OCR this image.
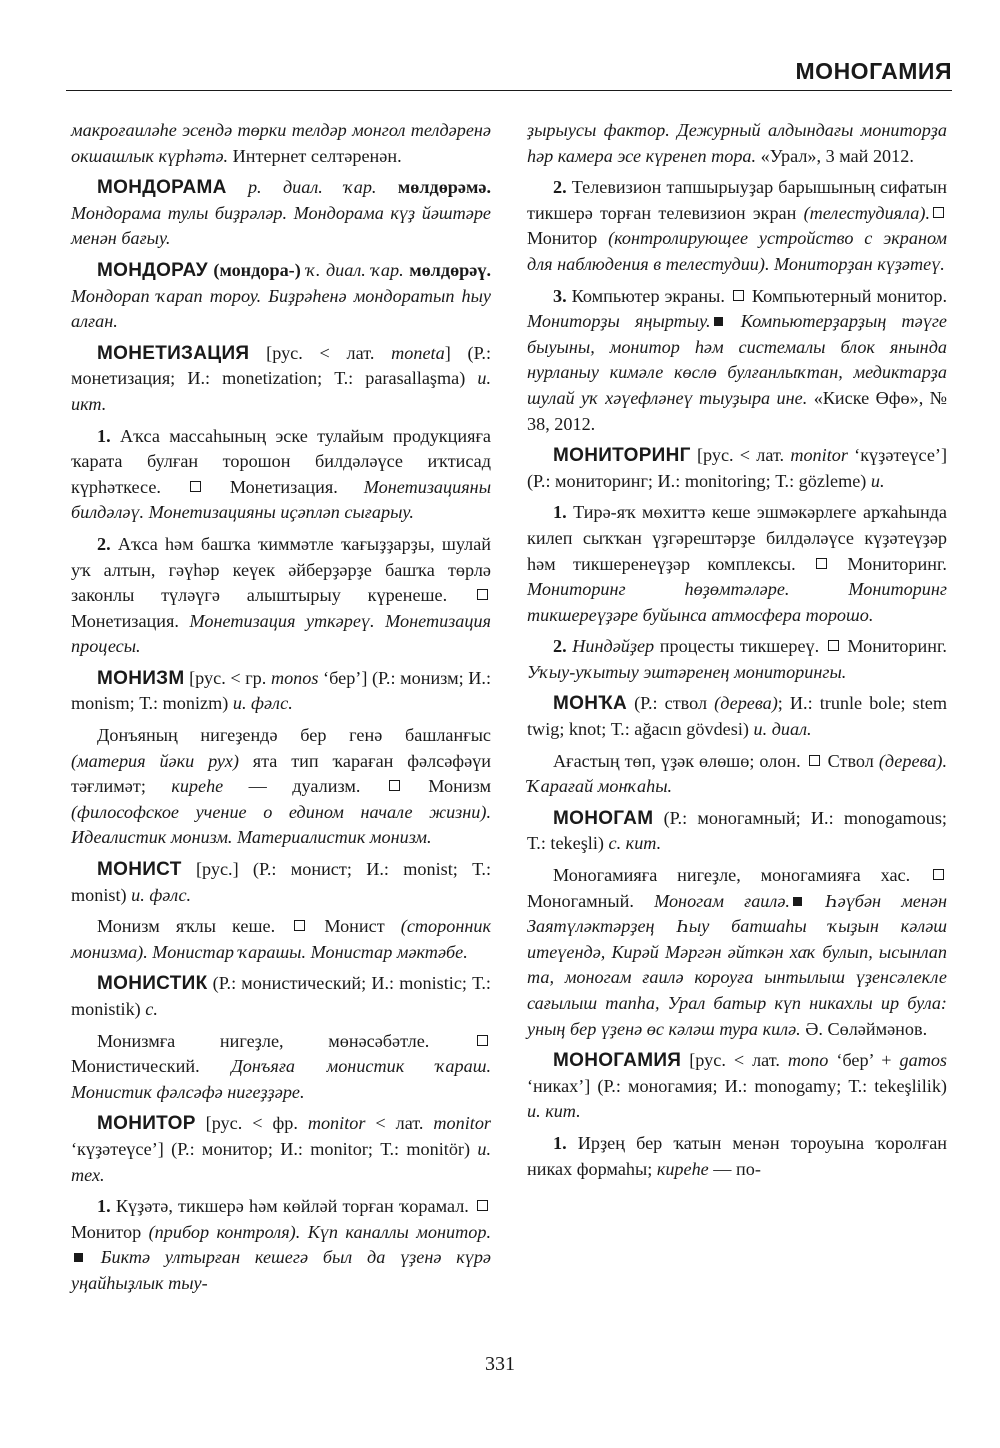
МОНОГАМИЯ

макроғаиләһе эсендә төрки телдәр монгол телдәренә окшашлык күрһәтә. Интернет селтәренән.

МОНДОРАМА р. диал. ҡар. мөлдөрәмә. Мондорама тулы биҙрәләр. Мондорама күҙ йәштәре менән бағыу.

МОНДОРАУ (мондора-) ҡ. диал. ҡар. мөлдөрәү. Мондорап ҡарап тороу. Биҙрәһенә мондоратып һыу алған.

МОНЕТИЗАЦИЯ [рус. < лат. moneta] (Р.: монетизация; И.: monetization; Т.: parasallaşma) и. икт.

1. Аҡса массаһының эске тулайым продукцияға ҡарата булған торошон билдәләүсе иҡтисад күрһәткесе.  Монетизация. Монетизацияны билдәләү. Монетизацияны иҫәпләп сығарыу.

2. Аҡса һәм башҡа ҡиммәтле ҡағыҙҙарҙы, шулай уҡ алтын, гәүһәр кеүек әйберҙәрҙе башҡа төрлә законлы түләүгә алыштырыу күренеше.  Монетизация. Монетизация уткәреү. Монетизация процесы.

МОНИЗМ [рус. < гр. monos ‘бер’] (Р.: монизм; И.: monism; Т.: monizm) и. фәлс.

Донъяның нигеҙендә бер генә башланғыс (материя йәки рух) ята тип ҡараған фәлсәфәүи тәғлимәт; киреһе — дуализм.  Монизм (философское учение о едином начале жизни). Идеалистик монизм. Материалистик монизм.

МОНИСТ [рус.] (Р.: монист; И.: monist; Т.: monist) и. фәлс.

Монизм яҡлы кеше.  Монист (сторонник монизма). Монистар ҡарашы. Монистар мәктәбе.

МОНИСТИК (Р.: монистический; И.: monistic; Т.: monistik) с.

Монизмға нигеҙле, мөнәсәбәтле.  Монистический. Донъяға монистик ҡараш. Монистик фәлсәфә нигеҙҙәре.

МОНИТОР [рус. < фр. monitor < лат. monitor ‘күҙәтеүсе’] (Р.: монитор; И.: monitor; Т.: monitör) и. тех.

1. Күҙәтә, тикшерә һәм көйләй торған ҡорамал.  Монитор (прибор контроля). Күп каналлы монитор. Биктә ултырған кешегә был да үҙенә күрә уңайһыҙлык тыу-

ҙырыусы фактор. Дежурный алдындағы мониторҙа һәр камера эсе күренеп тора. «Урал», 3 май 2012.

2. Телевизион тапшырыуҙар барышының сифатын тикшерә торған телевизион экран (телестудияла). Монитор (контролирующее устройство с экраном для наблюдения в телестудии). Мониторҙан күҙәтеү.

3. Компьютер экраны.  Компьютерный монитор. Мониторҙы яңыртыу. Компьютерҙарҙың тәүге быуыны, монитор һәм системалы блок янында нурланыу кимәле көслө булғанлыҡтан, медиктарҙа шулай уҡ хәүефләнеү тыуҙыра ине. «Киске Өфө», № 38, 2012.

МОНИТОРИНГ [рус. < лат. monitor ‘күҙәтеүсе’] (Р.: мониторинг; И.: monitoring; Т.: gözleme) и.

1. Тирә-яҡ мөхиттә кеше эшмәкәрлеге арҡаһында килеп сыҡҡан үҙгәрештәрҙе билдәләүсе күҙәтеүҙәр һәм тикшеренеүҙәр комплексы.  Мониторинг. Мониторинг һөҙөмтәләре. Мониторинг тикшереүҙәре буйынса атмосфера торошо.

2. Ниндәйҙер процесты тикшереү.  Мониторинг. Уҡыу-уҡытыу эштәренең мониторингы.

МОНҠА (Р.: ствол (дерева); И.: trunle bole; stem twig; knot; Т.: ağacın gövdesi) и. диал.

Ағастың төп, үҙәк өлөшө; олон.  Ствол (дерева). Ҡарағай монҡаһы.

МОНОГАМ (Р.: моногамный; И.: monogamous; Т.: tekeşli) с. кит.

Моногамияға нигеҙле, моногамияға хас.  Моногамный. Моногам ғаилә. Һәүбән менән Заятүләктәрҙең Һыу батшаһы ҡыҙын кәләш итеүендә, Кирәй Мәргән әйткән хаҡ булып, ысынлап та, моногам ғаилә короуға ынтылыш үҙенсәлекле сағылыш тапһа, Урал батыр күп никахлы ир була: уның бер үҙенә өс кәләш тура килә. Ә. Сөләймәнов.

МОНОГАМИЯ [рус. < лат. mono ‘бер’ + gamos ‘никах’] (Р.: моногамия; И.: monogamy; Т.: tekeşlilik) и. кит.

1. Ирҙең бер ҡатын менән тороуына ҡоролған никах формаһы; киреһе — по-

331
